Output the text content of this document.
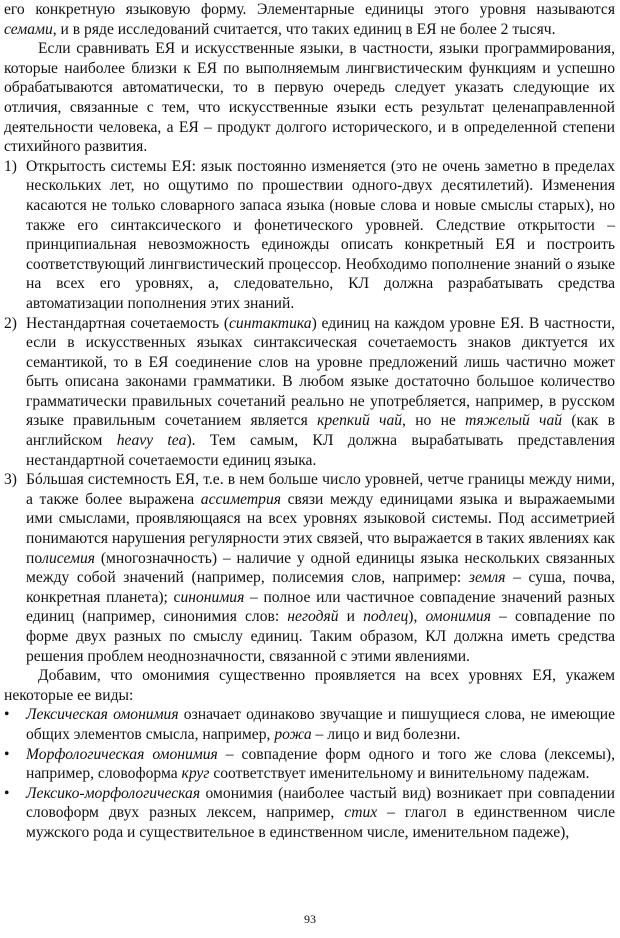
его конкретную языковую форму. Элементарные единицы этого уровня называются семами, и в ряде исследований считается, что таких единиц в ЕЯ не более 2 тысяч.

Если сравнивать ЕЯ и искусственные языки, в частности, языки программирования, которые наиболее близки к ЕЯ по выполняемым лингвистическим функциям и успешно обрабатываются автоматически, то в первую очередь следует указать следующие их отличия, связанные с тем, что искусственные языки есть результат целенаправленной деятельности человека, а ЕЯ – продукт долгого исторического, и в определенной степени стихийного развития.

1) Открытость системы ЕЯ: язык постоянно изменяется (это не очень заметно в пределах нескольких лет, но ощутимо по прошествии одного-двух десятилетий). Изменения касаются не только словарного запаса языка (новые слова и новые смыслы старых), но также его синтаксического и фонетического уровней. Следствие открытости – принципиальная невозможность единожды описать конкретный ЕЯ и построить соответствующий лингвистический процессор. Необходимо пополнение знаний о языке на всех его уровнях, а, следовательно, КЛ должна разрабатывать средства автоматизации пополнения этих знаний.
2) Нестандартная сочетаемость (синтактика) единиц на каждом уровне ЕЯ. В частности, если в искусственных языках синтаксическая сочетаемость знаков диктуется их семантикой, то в ЕЯ соединение слов на уровне предложений лишь частично может быть описана законами грамматики. В любом языке достаточно большое количество грамматически правильных сочетаний реально не употребляется, например, в русском языке правильным сочетанием является крепкий чай, но не тяжелый чай (как в английском heavy tea). Тем самым, КЛ должна вырабатывать представления нестандартной сочетаемости единиц языка.
3) Бóльшая системность ЕЯ, т.е. в нем больше число уровней, четче границы между ними, а также более выражена ассиметрия связи между единицами языка и выражаемыми ими смыслами, проявляющаяся на всех уровнях языковой системы. Под ассиметрией понимаются нарушения регулярности этих связей, что выражается в таких явлениях как полисемия (многозначность) – наличие у одной единицы языка нескольких связанных между собой значений (например, полисемия слов, например: земля – суша, почва, конкретная планета); синонимия – полное или частичное совпадение значений разных единиц (например, синонимия слов: негодяй и подлец), омонимия – совпадение по форме двух разных по смыслу единиц. Таким образом, КЛ должна иметь средства решения проблем неоднозначности, связанной с этими явлениями.

Добавим, что омонимия существенно проявляется на всех уровнях ЕЯ, укажем некоторые ее виды:

• Лексическая омонимия означает одинаково звучащие и пишущиеся слова, не имеющие общих элементов смысла, например, рожа – лицо и вид болезни.
• Морфологическая омонимия – совпадение форм одного и того же слова (лексемы), например, словоформа круг соответствует именительному и винительному падежам.
• Лексико-морфологическая омонимия (наиболее частый вид) возникает при совпадении словоформ двух разных лексем, например, стих – глагол в единственном числе мужского рода и существительное в единственном числе, именительном падеже),
93
